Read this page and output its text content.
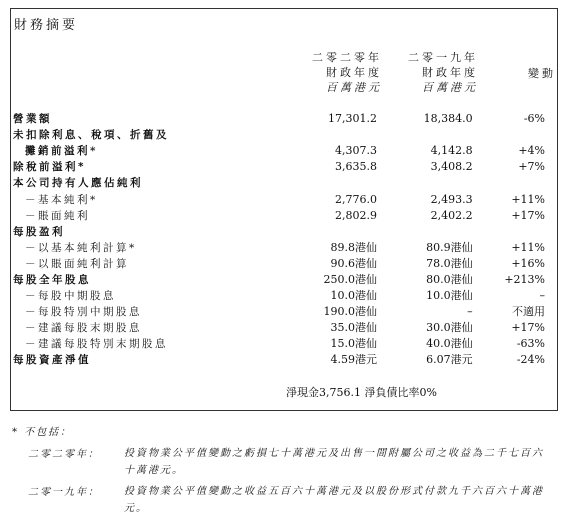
財務摘要
二零二零年
財政年度
百萬港元
二零一九年
財政年度
百萬港元
變動
營業額	17,301.2	18,384.0	-6%
未扣除利息、稅項、折舊及			
攤銷前溢利*	4,307.3	4,142.8	+4%
除稅前溢利*	3,635.8	3,408.2	+7%
本公司持有人應佔純利			
－基本純利*	2,776.0	2,493.3	+11%
－賬面純利	2,802.9	2,402.2	+17%
每股盈利			
－以基本純利計算*	89.8港仙	80.9港仙	+11%
－以賬面純利計算	90.6港仙	78.0港仙	+16%
每股全年股息	250.0港仙	80.0港仙	+213%
－每股中期股息	10.0港仙	10.0港仙	–
－每股特別中期股息	190.0港仙	–	不適用
－建議每股末期股息	35.0港仙	30.0港仙	+17%
－建議每股特別末期股息	15.0港仙	40.0港仙	-63%
每股資產淨值	4.59港元	6.07港元	-24%
淨現金3,756.1 淨負債比率0%
* 不包括：
二零二零年： 投資物業公平值變動之虧損七十萬港元及出售一間附屬公司之收益為二千七百六十萬港元。
二零一九年： 投資物業公平值變動之收益五百六十萬港元及以股份形式付款九千六百六十萬港元。
